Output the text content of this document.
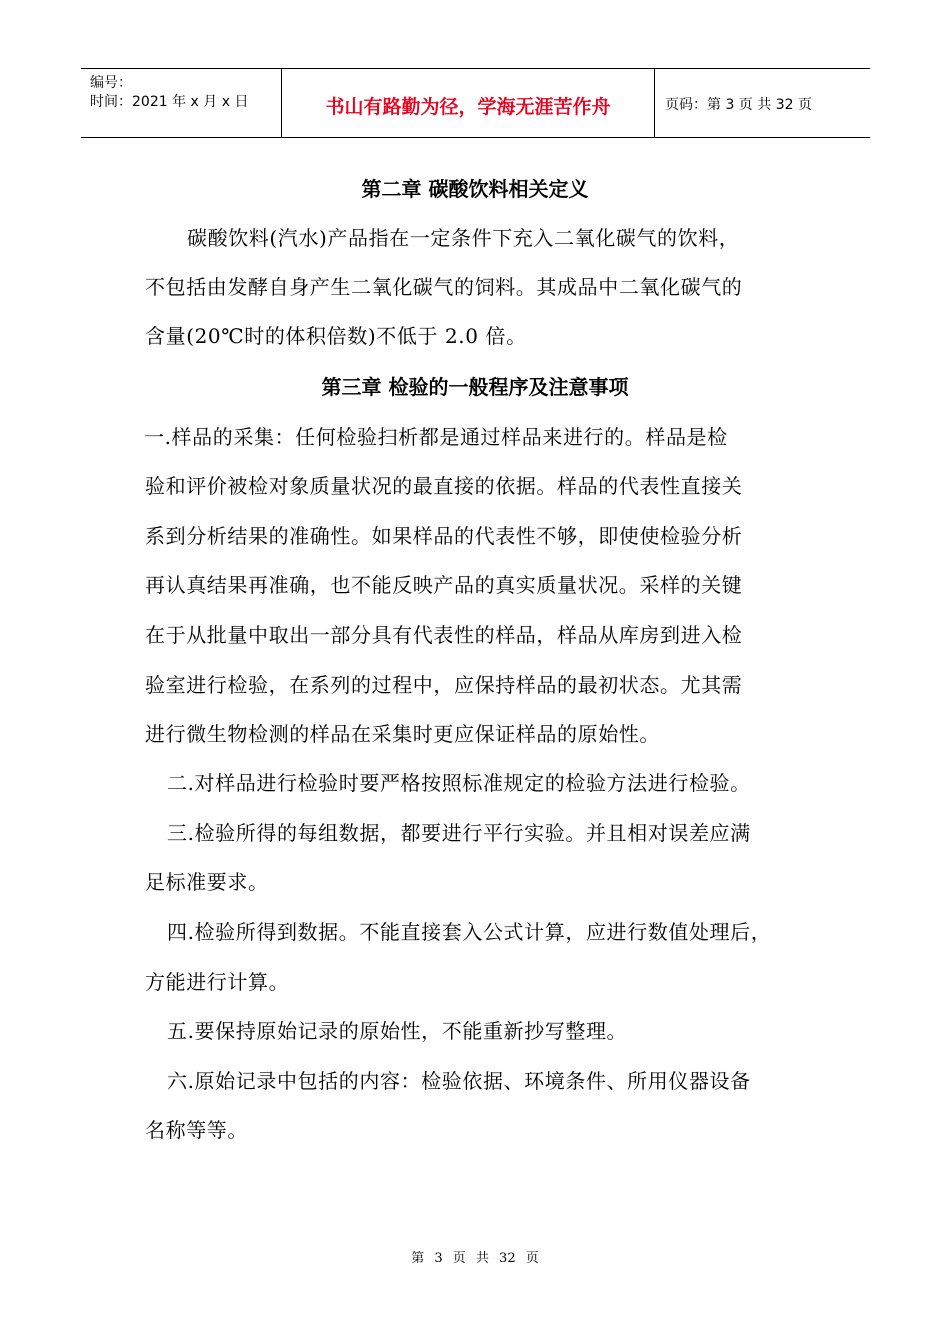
编号：
时间：2021 年 x 月 x 日	书山有路勤为径，学海无涯苦作舟	页码：第 3 页 共 32 页
第二章 碳酸饮料相关定义
碳酸饮料(汽水)产品指在一定条件下充入二氧化碳气的饮料，
不包括由发酵自身产生二氧化碳气的饲料。其成品中二氧化碳气的
含量(20℃时的体积倍数)不低于 2.0 倍。
第三章 检验的一般程序及注意事项
一.样品的采集：任何检验扫析都是通过样品来进行的。样品是检
验和评价被检对象质量状况的最直接的依据。样品的代表性直接关
系到分析结果的准确性。如果样品的代表性不够，即使使检验分析
再认真结果再准确，也不能反映产品的真实质量状况。采样的关键
在于从批量中取出一部分具有代表性的样品，样品从库房到进入检
验室进行检验，在系列的过程中，应保持样品的最初状态。尤其需
进行微生物检测的样品在采集时更应保证样品的原始性。
二.对样品进行检验时要严格按照标准规定的检验方法进行检验。
三.检验所得的每组数据，都要进行平行实验。并且相对误差应满
足标准要求。
四.检验所得到数据。不能直接套入公式计算，应进行数值处理后，
方能进行计算。
五.要保持原始记录的原始性，不能重新抄写整理。
六.原始记录中包括的内容：检验依据、环境条件、所用仪器设备
名称等等。
第 3 页 共 32 页
